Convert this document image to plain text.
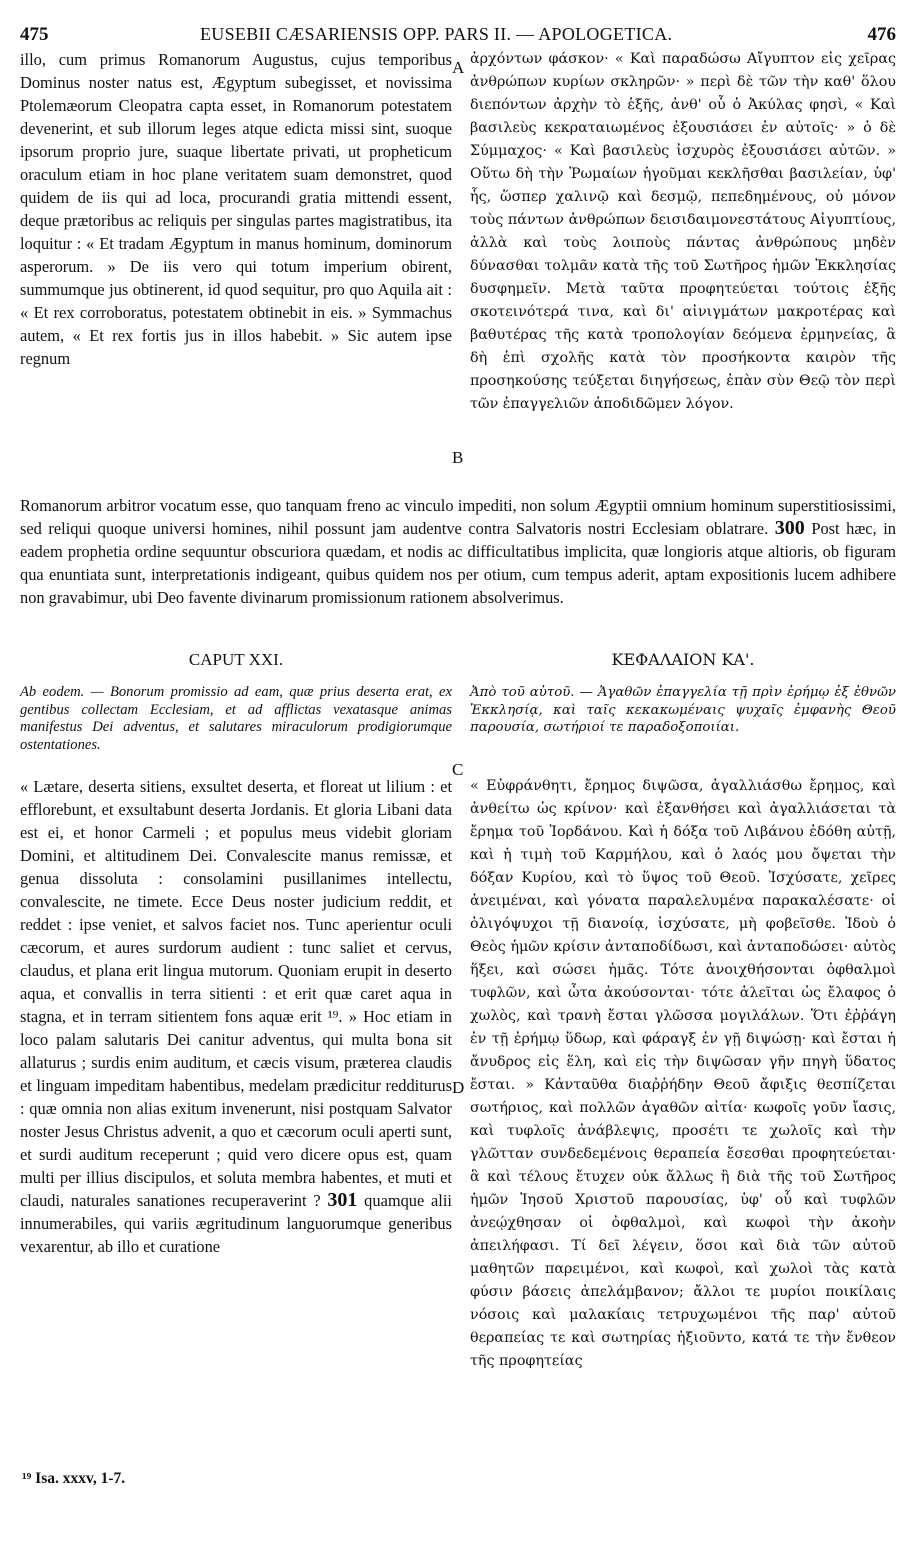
475	EUSEBII CÆSARIENSIS OPP. PARS II. — APOLOGETICA.	476

illo, cum primus Romanorum Augustus, cujus temporibus Dominus noster natus est, Ægyptum subegisset, et novissima Ptolemæorum Cleopatra capta esset, in Romanorum potestatem devenerint, et sub illorum leges atque edicta missi sint, suoque ipsorum proprio jure, suaque libertate privati, ut propheticum oraculum etiam in hoc plane veritatem suam demonstret, quod quidem de iis qui ad loca, procurandi gratia mittendi essent, deque prætoribus ac reliquis per singulas partes magistratibus, ita loquitur : « Et tradam Ægyptum in manus hominum, dominorum asperorum. » De iis vero qui totum imperium obirent, summumque jus obtinerent, id quod sequitur, pro quo Aquila ait : « Et rex corroboratus, potestatem obtinebit in eis. » Symmachus autem, « Et rex fortis jus in illos habebit. » Sic autem ipse regnum

A ἀρχόντων φάσκον· « Καὶ παραδώσω Αἴγυπτον εἰς χεῖρας ἀνθρώπων κυρίων σκληρῶν· » περὶ δὲ τῶν τὴν καθ' ὅλου διεπόντων ἀρχὴν τὸ ἑξῆς, ἀνθ' οὗ ὁ Ἀκύλας φησὶ, « Καὶ βασιλεὺς κεκραταιωμένος ἐξουσιάσει ἐν αὐτοῖς· » ὁ δὲ Σύμμαχος· « Καὶ βασιλεὺς ἰσχυρὸς ἐξουσιάσει αὐτῶν. » Οὕτω δὴ τὴν Ῥωμαίων ἡγοῦμαι κεκλῆσθαι βασιλείαν, ὑφ' ἧς, ὥσπερ χαλινῷ καὶ δεσμῷ, πεπεδημένους, οὐ μόνον τοὺς πάντων ἀνθρώπων δεισιδαιμονεστάτους Αἰγυπτίους, ἀλλὰ καὶ τοὺς λοιποὺς πάντας ἀνθρώπους μηδὲν δύνασθαι τολμᾶν κατὰ τῆς τοῦ Σωτῆρος ἡμῶν Ἐκκλησίας δυσφημεῖν. Μετὰ ταῦτα προφητεύεται τούτοις ἑξῆς σκοτεινότερά τινα, καὶ δι' αἰνιγμάτων μακροτέρας καὶ βαθυτέρας τῆς κατὰ τροπολογίαν δεόμενα ἑρμηνείας, ἃ δὴ ἐπὶ σχολῆς κατὰ τὸν προσήκοντα καιρὸν τῆς προσηκούσης τεύξεται διηγήσεως, ἐπὰν σὺν Θεῷ τὸν περὶ τῶν ἐπαγγελιῶν ἀποδιδῶμεν λόγον.

B

Romanorum arbitror vocatum esse, quo tanquam freno ac vinculo impediti, non solum Ægyptii omnium hominum superstitiosissimi, sed reliqui quoque universi homines, nihil possunt jam audentve contra Salvatoris nostri Ecclesiam oblatrare. 300 Post hæc, in eadem prophetia ordine sequuntur obscuriora quædam, et nodis ac difficultatibus implicita, quæ longioris atque altioris, ob figuram qua enuntiata sunt, interpretationis indigeant, quibus quidem nos per otium, cum tempus aderit, aptam expositionis lucem adhibere non gravabimur, ubi Deo favente divinarum promissionum rationem absolverimus.

CAPUT XXI.	ΚΕΦΑΛΑΙΟΝ ΚΑ'.
Ab eodem. — Bonorum promissio ad eam, quæ prius deserta erat, ex gentibus collectam Ecclesiam, et ad afflictas vexatasque animas manifestus Dei adventus, et salutares miraculorum prodigiorumque ostentationes.
Ἀπὸ τοῦ αὐτοῦ. — Ἀγαθῶν ἐπαγγελία τῇ πρὶν ἐρήμῳ ἐξ ἐθνῶν Ἐκκλησίᾳ, καὶ ταῖς κεκακωμέναις ψυχαῖς ἐμφανὴς Θεοῦ παρουσία, σωτήριοί τε παραδοξοποιίαι.
C

« Lætare, deserta sitiens, exsultet deserta, et floreat ut lilium : et efflorebunt, et exsultabunt deserta Jordanis. Et gloria Libani data est ei, et honor Carmeli ; et populus meus videbit gloriam Domini, et altitudinem Dei. Convalescite manus remissæ, et genua dissoluta : consolamini pusillanimes intellectu, convalescite, ne timete. Ecce Deus noster judicium reddit, et reddet : ipse veniet, et salvos faciet nos. Tunc aperientur oculi cæcorum, et aures surdorum audient : tunc saliet et cervus, claudus, et plana erit lingua mutorum. Quoniam erupit in deserto aqua, et convallis in terra sitienti : et erit quæ caret aqua in stagna, et in terram sitientem fons aquæ erit ¹⁹. » Hoc etiam in loco palam salutaris Dei canitur adventus, qui multa bona sit allaturus ; surdis enim auditum, et cæcis visum, præterea claudis et linguam impeditam habentibus, medelam prædicitur redditurus : quæ omnia non alias exitum invenerunt, nisi postquam Salvator noster Jesus Christus advenit, a quo et cæcorum oculi aperti sunt, et surdi auditum receperunt ; quid vero dicere opus est, quam multi per illius discipulos, et soluta membra habentes, et muti et claudi, naturales sanationes recuperaverint ? 301 quamque alii innumerabiles, qui variis ægritudinum languorumque generibus vexarentur, ab illo et curatione

D

« Εὐφράνθητι, ἔρημος διψῶσα, ἀγαλλιάσθω ἔρημος, καὶ ἀνθείτω ὡς κρίνον· καὶ ἐξανθήσει καὶ ἀγαλλιάσεται τὰ ἔρημα τοῦ Ἰορδάνου. Καὶ ἡ δόξα τοῦ Λιβάνου ἐδόθη αὐτῇ, καὶ ἡ τιμὴ τοῦ Καρμήλου, καὶ ὁ λαός μου ὄψεται τὴν δόξαν Κυρίου, καὶ τὸ ὕψος τοῦ Θεοῦ. Ἰσχύσατε, χεῖρες ἀνειμέναι, καὶ γόνατα παραλελυμένα παρακαλέσατε· οἱ ὀλιγόψυχοι τῇ διανοίᾳ, ἰσχύσατε, μὴ φοβεῖσθε. Ἰδοὺ ὁ Θεὸς ἡμῶν κρίσιν ἀνταποδίδωσι, καὶ ἀνταποδώσει· αὐτὸς ἥξει, καὶ σώσει ἡμᾶς. Τότε ἀνοιχθήσονται ὀφθαλμοὶ τυφλῶν, καὶ ὦτα ἀκούσονται· τότε ἁλεῖται ὡς ἔλαφος ὁ χωλὸς, καὶ τρανὴ ἔσται γλῶσσα μογιλάλων. Ὅτι ἐῤῥάγη ἐν τῇ ἐρήμῳ ὕδωρ, καὶ φάραγξ ἐν γῇ διψώσῃ· καὶ ἔσται ἡ ἄνυδρος εἰς ἕλη, καὶ εἰς τὴν διψῶσαν γῆν πηγὴ ὕδατος ἔσται. » Κἀνταῦθα διαῤῥήδην Θεοῦ ἄφιξις θεσπίζεται σωτήριος, καὶ πολλῶν ἀγαθῶν αἰτία· κωφοῖς γοῦν ἴασις, καὶ τυφλοῖς ἀνάβλεψις, προσέτι τε χωλοῖς καὶ τὴν γλῶτταν συνδεδεμένοις θεραπεία ἔσεσθαι προφητεύεται· ἃ καὶ τέλους ἔτυχεν οὐκ ἄλλως ἢ διὰ τῆς τοῦ Σωτῆρος ἡμῶν Ἰησοῦ Χριστοῦ παρουσίας, ὑφ' οὗ καὶ τυφλῶν ἀνεῴχθησαν οἱ ὀφθαλμοὶ, καὶ κωφοὶ τὴν ἀκοὴν ἀπειλήφασι. Τί δεῖ λέγειν, ὅσοι καὶ διὰ τῶν αὐτοῦ μαθητῶν παρειμένοι, καὶ κωφοὶ, καὶ χωλοὶ τὰς κατὰ φύσιν βάσεις ἀπελάμβανον; ἄλλοι τε μυρίοι ποικίλαις νόσοις καὶ μαλακίαις τετρυχωμένοι τῆς παρ' αὐτοῦ θεραπείας τε καὶ σωτηρίας ἠξιοῦντο, κατά τε τὴν ἔνθεον τῆς προφητείας

¹⁹ Isa. xxxv, 1-7.
